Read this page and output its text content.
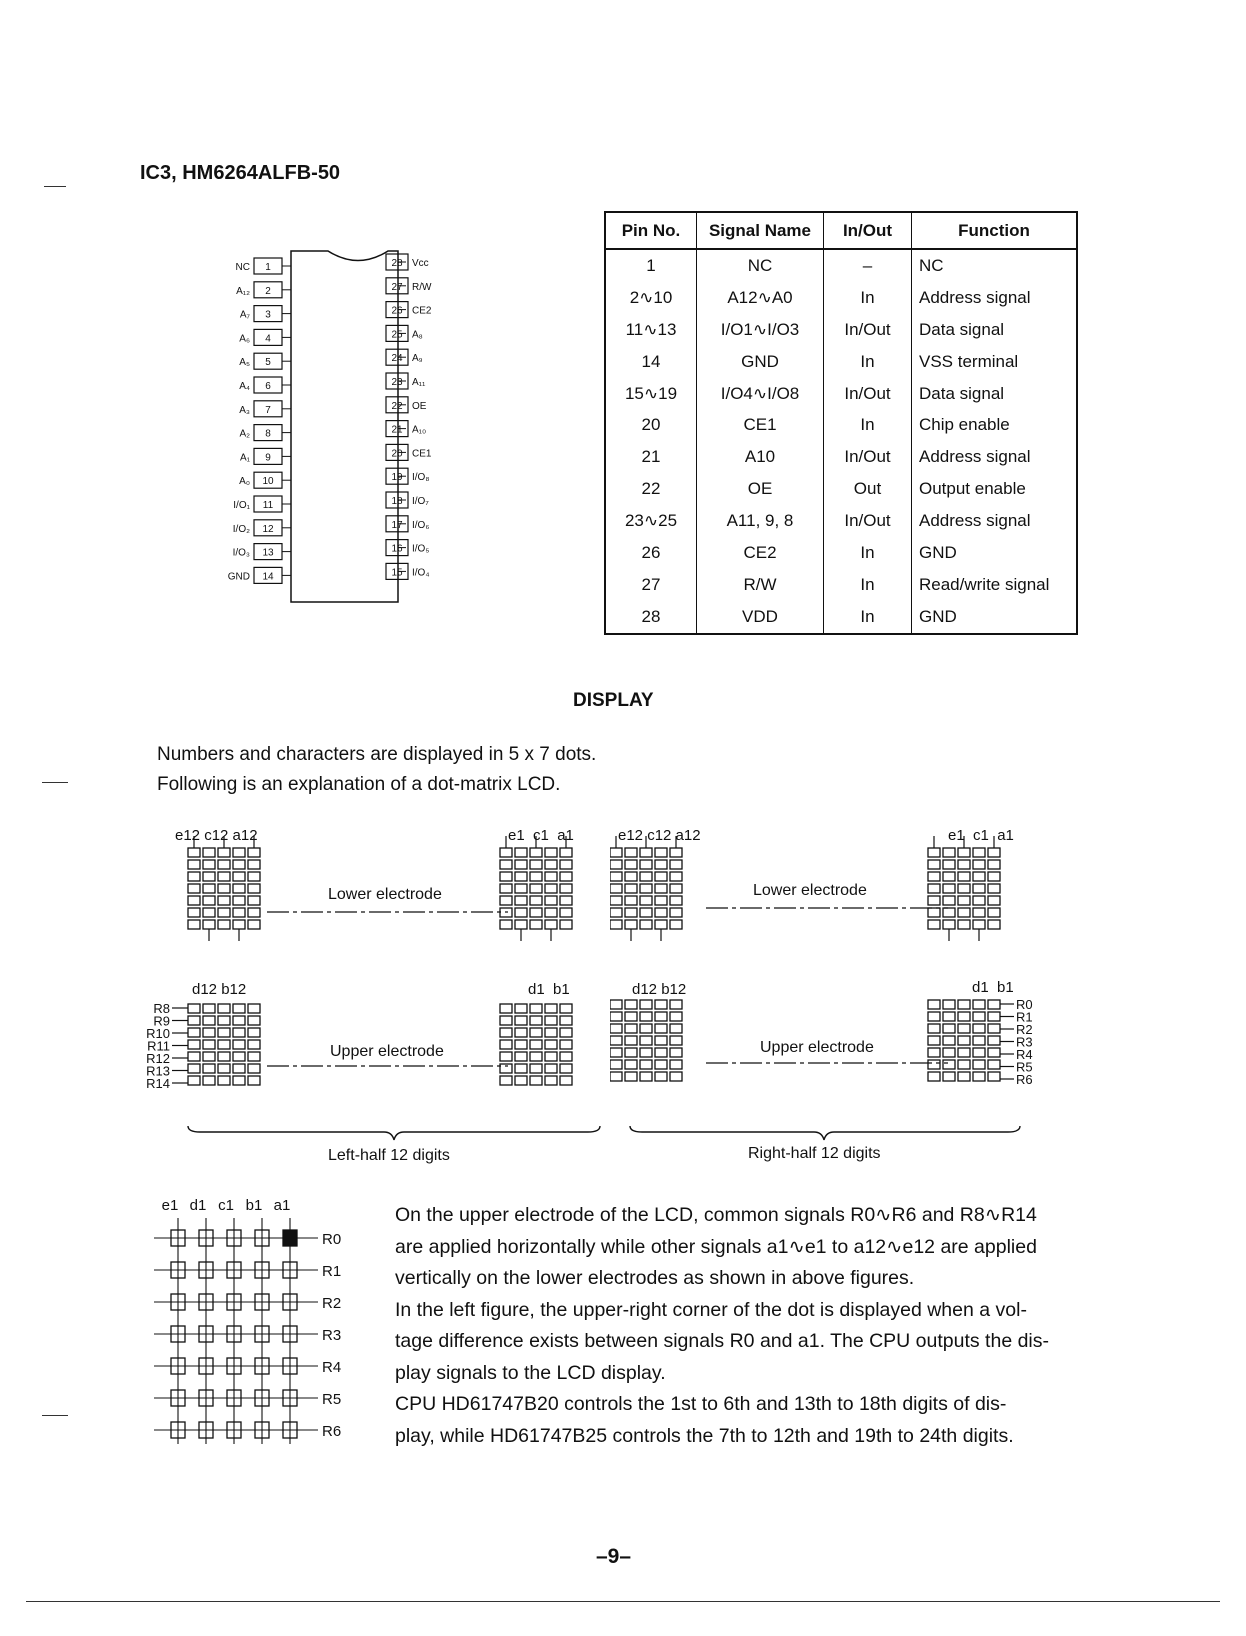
IC3, HM6264ALFB-50
1
NC
2
A₁₂
3
A₇
4
A₆
5
A₅
6
A₄
7
A₃
8
A₂
9
A₁
10
A₀
11
I/O₁
12
I/O₂
13
I/O₃
14
GND
28 Vcc
27 R/W
26 CE2
25 A₈
24 A₉
23 A₁₁
22 OE
21 A₁₀
20 CE1
19 I/O₈
18 I/O₇
17 I/O₆
16 I/O₅
15 I/O₄
Pin No.	Signal Name	In/Out	Function
1	NC	–	NC
2∿10	A12∿A0	In	Address signal
11∿13	I/O1∿I/O3	In/Out	Data signal
14	GND	In	VSS terminal
15∿19	I/O4∿I/O8	In/Out	Data signal
20	CE1	In	Chip enable
21	A10	In/Out	Address signal
22	OE	Out	Output enable
23∿25	A11, 9, 8	In/Out	Address signal
26	CE2	In	GND
27	R/W	In	Read/write signal
28	VDD	In	GND
DISPLAY
Numbers and characters are displayed in 5 x 7 dots.
Following is an explanation of a dot-matrix LCD.
e12 c12 a12	e1  c1  a1
d12 b12	d1  b1
Lower electrode
Upper electrode
R8
R9
R10
R11
R12
R13
R14
Left-half 12 digits
e12 c12 a12	e1  c1  a1
d12 b12	d1  b1
Lower electrode
Upper electrode
R0
R1
R2
R3
R4
R5
R6
Right-half 12 digits
e1 d1 c1 b1 a1
R0
R1
R2
R3
R4
R5
R6
On the upper electrode of the LCD, common signals R0∿R6 and R8∿R14
are applied horizontally while other signals a1∿e1 to a12∿e12 are applied
vertically on the lower electrodes as shown in above figures.
In the left figure, the upper-right corner of the dot is displayed when a vol-
tage difference exists between signals R0 and a1. The CPU outputs the dis-
play signals to the LCD display.
CPU HD61747B20 controls the 1st to 6th and 13th to 18th digits of dis-
play, while HD61747B25 controls the 7th to 12th and 19th to 24th digits.
–9–
